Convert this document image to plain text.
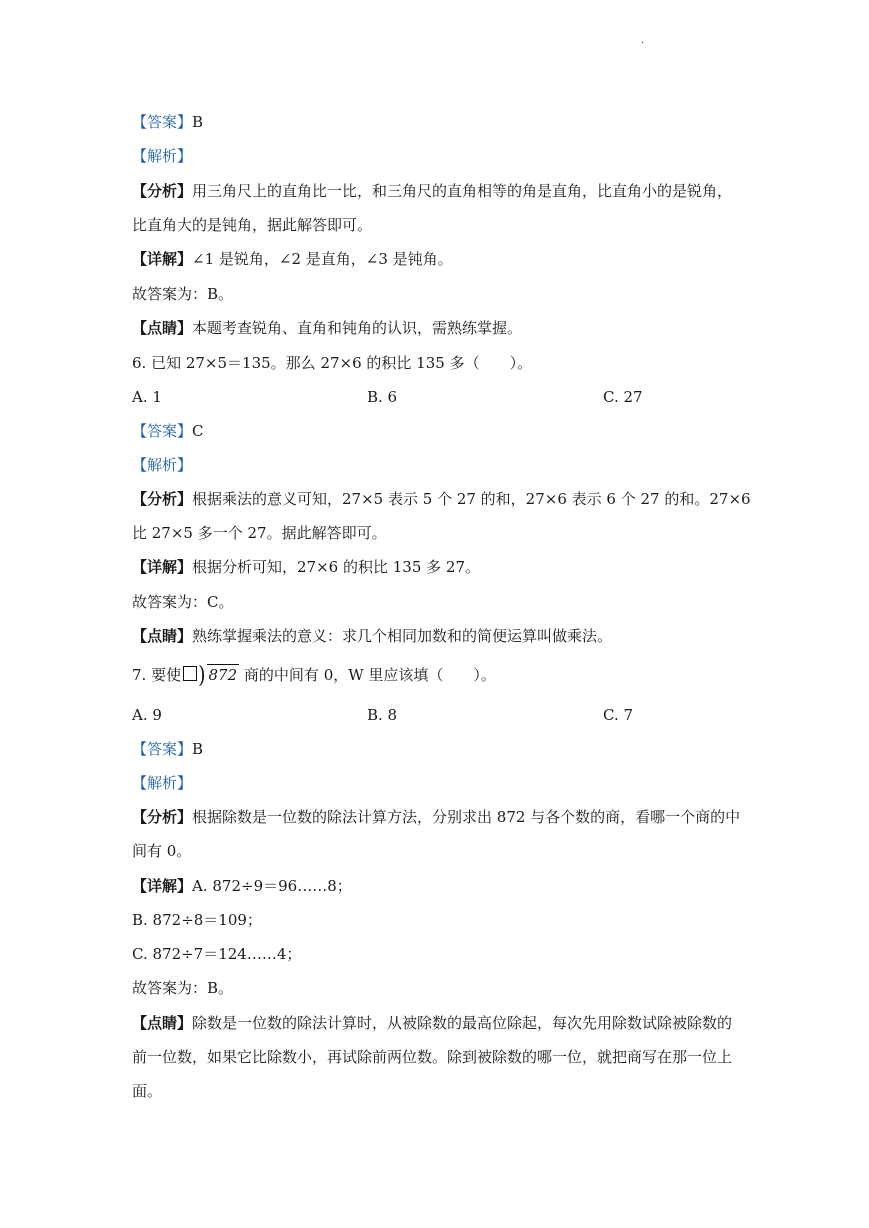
·
【答案】B
【解析】
【分析】用三角尺上的直角比一比，和三角尺的直角相等的角是直角，比直角小的是锐角，
比直角大的是钝角，据此解答即可。
【详解】∠1 是锐角，∠2 是直角，∠3 是钝角。
故答案为：B。
【点睛】本题考查锐角、直角和钝角的认识，需熟练掌握。
6. 已知 27×5＝135。那么 27×6 的积比 135 多（　　）。
A. 1	B. 6	C. 27
【答案】C
【解析】
【分析】根据乘法的意义可知，27×5 表示 5 个 27 的和，27×6 表示 6 个 27 的和。27×6
比 27×5 多一个 27。据此解答即可。
【详解】根据分析可知，27×6 的积比 135 多 27。
故答案为：C。
【点睛】熟练掌握乘法的意义：求几个相同加数和的简便运算叫做乘法。
7. 要使 ) 872 商的中间有 0，W 里应该填（　　）。
A. 9	B. 8	C. 7
【答案】B
【解析】
【分析】根据除数是一位数的除法计算方法，分别求出 872 与各个数的商，看哪一个商的中
间有 0。
【详解】A. 872÷9＝96……8；
B. 872÷8＝109；
C. 872÷7＝124……4；
故答案为：B。
【点睛】除数是一位数的除法计算时，从被除数的最高位除起，每次先用除数试除被除数的
前一位数，如果它比除数小，再试除前两位数。除到被除数的哪一位，就把商写在那一位上
面。
